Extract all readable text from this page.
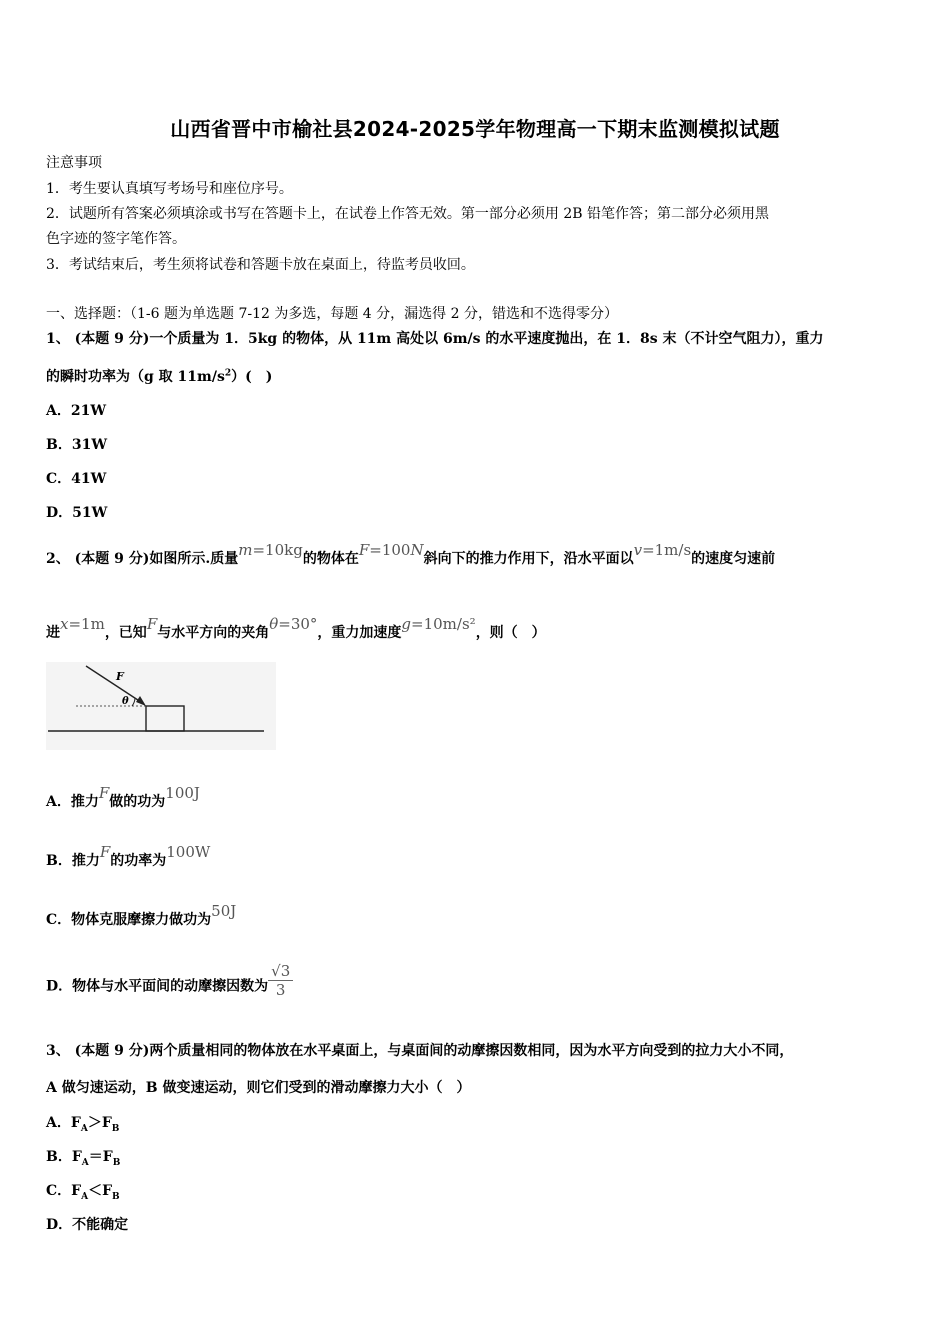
山西省晋中市榆社县2024-2025学年物理高一下期末监测模拟试题
注意事项
1．考生要认真填写考场号和座位序号。
2．试题所有答案必须填涂或书写在答题卡上，在试卷上作答无效。第一部分必须用 2B 铅笔作答；第二部分必须用黑
色字迹的签字笔作答。
3．考试结束后，考生须将试卷和答题卡放在桌面上，待监考员收回。
一、选择题：（1-6 题为单选题 7-12 为多选，每题 4 分，漏选得 2 分，错选和不选得零分）
1、 (本题 9 分)一个质量为 1．5kg 的物体，从 11m 高处以 6m/s 的水平速度抛出，在 1．8s 末（不计空气阻力），重力
的瞬时功率为（g 取 $11m/s^2$）(　)
A．21W
B．31W
C．41W
D．51W
2、 (本题 9 分)如图所示.质量m=10kg的物体在F=100N斜向下的推力作用下，沿水平面以v=1m/s的速度匀速前
进x=1m，已知F与水平方向的夹角θ=30°，重力加速度g=10m/s²，则（　）
F
θ
A．推力F做的功为100J
B．推力F的功率为100W
C．物体克服摩擦力做功为50J
D．物体与水平面间的动摩擦因数为 $\frac{√3}{3}$
3、 (本题 9 分)两个质量相同的物体放在水平桌面上，与桌面间的动摩擦因数相同，因为水平方向受到的拉力大小不同，
A 做匀速运动，B 做变速运动，则它们受到的滑动摩擦力大小（　）
A．$F_A>F_B$
B．$F_A=F_B$
C．$F_A<F_B$
D．不能确定
